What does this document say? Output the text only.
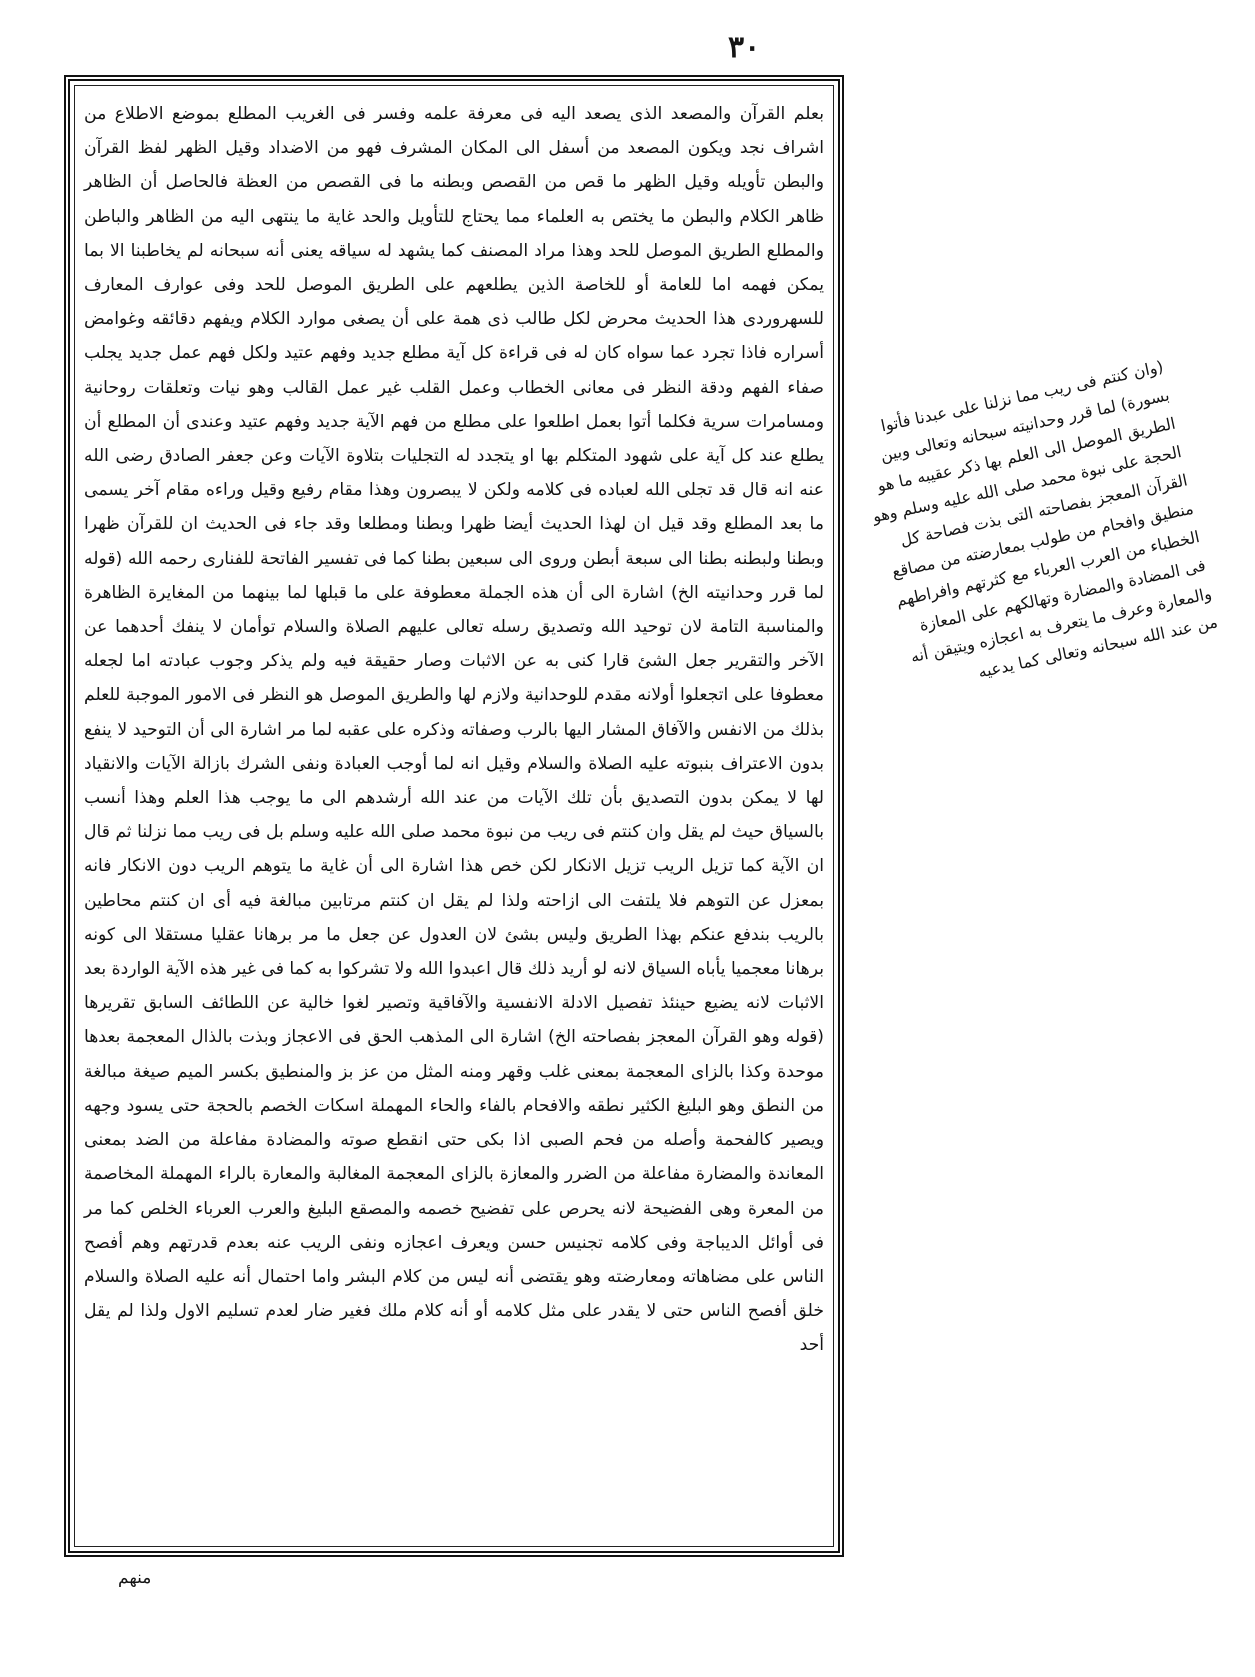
٣٠

بعلم القرآن والمصعد الذى يصعد اليه فى معرفة علمه وفسر فى الغريب المطلع بموضع الاطلاع من اشراف نجد ويكون المصعد من أسفل الى المكان المشرف فهو من الاضداد وقيل الظهر لفظ القرآن والبطن تأويله وقيل الظهر ما قص من القصص وبطنه ما فى القصص من العظة فالحاصل أن الظاهر ظاهر الكلام والبطن ما يختص به العلماء مما يحتاج للتأويل والحد غاية ما ينتهى اليه من الظاهر والباطن والمطلع الطريق الموصل للحد وهذا مراد المصنف كما يشهد له سياقه يعنى أنه سبحانه لم يخاطبنا الا بما يمكن فهمه اما للعامة أو للخاصة الذين يطلعهم على الطريق الموصل للحد وفى عوارف المعارف للسهروردى هذا الحديث محرض لكل طالب ذى همة على أن يصغى موارد الكلام ويفهم دقائقه وغوامض أسراره فاذا تجرد عما سواه كان له فى قراءة كل آية مطلع جديد وفهم عتيد ولكل فهم عمل جديد يجلب صفاء الفهم ودقة النظر فى معانى الخطاب وعمل القلب غير عمل القالب وهو نيات وتعلقات روحانية ومسامرات سرية فكلما أتوا بعمل اطلعوا على مطلع من فهم الآية جديد وفهم عتيد وعندى أن المطلع أن يطلع عند كل آية على شهود المتكلم بها او يتجدد له التجليات بتلاوة الآيات وعن جعفر الصادق رضى الله عنه انه قال قد تجلى الله لعباده فى كلامه ولكن لا يبصرون وهذا مقام رفيع وقيل وراءه مقام آخر يسمى ما بعد المطلع وقد قيل ان لهذا الحديث أيضا ظهرا وبطنا ومطلعا وقد جاء فى الحديث ان للقرآن ظهرا وبطنا ولبطنه بطنا الى سبعة أبطن وروى الى سبعين بطنا كما فى تفسير الفاتحة للفنارى رحمه الله (قوله لما قرر وحدانيته الخ) اشارة الى أن هذه الجملة معطوفة على ما قبلها لما بينهما من المغايرة الظاهرة والمناسبة التامة لان توحيد الله وتصديق رسله تعالى عليهم الصلاة والسلام توأمان لا ينفك أحدهما عن الآخر والتقرير جعل الشئ قارا كنى به عن الاثبات وصار حقيقة فيه ولم يذكر وجوب عبادته اما لجعله معطوفا على اتجعلوا أولانه مقدم للوحدانية ولازم لها والطريق الموصل هو النظر فى الامور الموجبة للعلم بذلك من الانفس والآفاق المشار اليها بالرب وصفاته وذكره على عقبه لما مر اشارة الى أن التوحيد لا ينفع بدون الاعتراف بنبوته عليه الصلاة والسلام وقيل انه لما أوجب العبادة ونفى الشرك بازالة الآيات والانقياد لها لا يمكن بدون التصديق بأن تلك الآيات من عند الله أرشدهم الى ما يوجب هذا العلم وهذا أنسب بالسياق حيث لم يقل وان كنتم فى ريب من نبوة محمد صلى الله عليه وسلم بل فى ريب مما نزلنا ثم قال ان الآية كما تزيل الريب تزيل الانكار لكن خص هذا اشارة الى أن غاية ما يتوهم الريب دون الانكار فانه بمعزل عن التوهم فلا يلتفت الى ازاحته ولذا لم يقل ان كنتم مرتابين مبالغة فيه أى ان كنتم محاطين بالريب بندفع عنكم بهذا الطريق وليس بشئ لان العدول عن جعل ما مر برهانا عقليا مستقلا الى كونه برهانا معجميا يأباه السياق لانه لو أريد ذلك قال اعبدوا الله ولا تشركوا به كما فى غير هذه الآية الواردة بعد الاثبات لانه يضيع حينئذ تفصيل الادلة الانفسية والآفاقية وتصير لغوا خالية عن اللطائف السابق تقريرها (قوله وهو القرآن المعجز بفصاحته الخ) اشارة الى المذهب الحق فى الاعجاز وبذت بالذال المعجمة بعدها موحدة وكذا بالزاى المعجمة بمعنى غلب وقهر ومنه المثل من عز بز والمنطيق بكسر الميم صيغة مبالغة من النطق وهو البليغ الكثير نطقه والافحام بالفاء والحاء المهملة اسكات الخصم بالحجة حتى يسود وجهه ويصير كالفحمة وأصله من فحم الصبى اذا بكى حتى انقطع صوته والمضادة مفاعلة من الضد بمعنى المعاندة والمضارة مفاعلة من الضرر والمعازة بالزاى المعجمة المغالبة والمعارة بالراء المهملة المخاصمة من المعرة وهى الفضيحة لانه يحرص على تفضيح خصمه والمصقع البليغ والعرب العرباء الخلص كما مر فى أوائل الديباجة وفى كلامه تجنيس حسن ويعرف اعجازه ونفى الريب عنه بعدم قدرتهم وهم أفصح الناس على مضاهاته ومعارضته وهو يقتضى أنه ليس من كلام البشر واما احتمال أنه عليه الصلاة والسلام خلق أفصح الناس حتى لا يقدر على مثل كلامه أو أنه كلام ملك فغير ضار لعدم تسليم الاول ولذا لم يقل أحد

(وان كنتم فى ريب مما نزلنا على عبدنا فأتوا بسورة) لما قرر وحدانيته سبحانه وتعالى وبين الطريق الموصل الى العلم بها ذكر عقيبه ما هو الحجة على نبوة محمد صلى الله عليه وسلم وهو القرآن المعجز بفصاحته التى بذت فصاحة كل منطيق وافحام من طولب بمعارضته من مصاقع الخطباء من العرب العرباء مع كثرتهم وافراطهم فى المضادة والمضارة وتهالكهم على المعازة والمعارة وعرف ما يتعرف به اعجازه ويتيقن أنه من عند الله سبحانه وتعالى كما يدعيه

منهم
